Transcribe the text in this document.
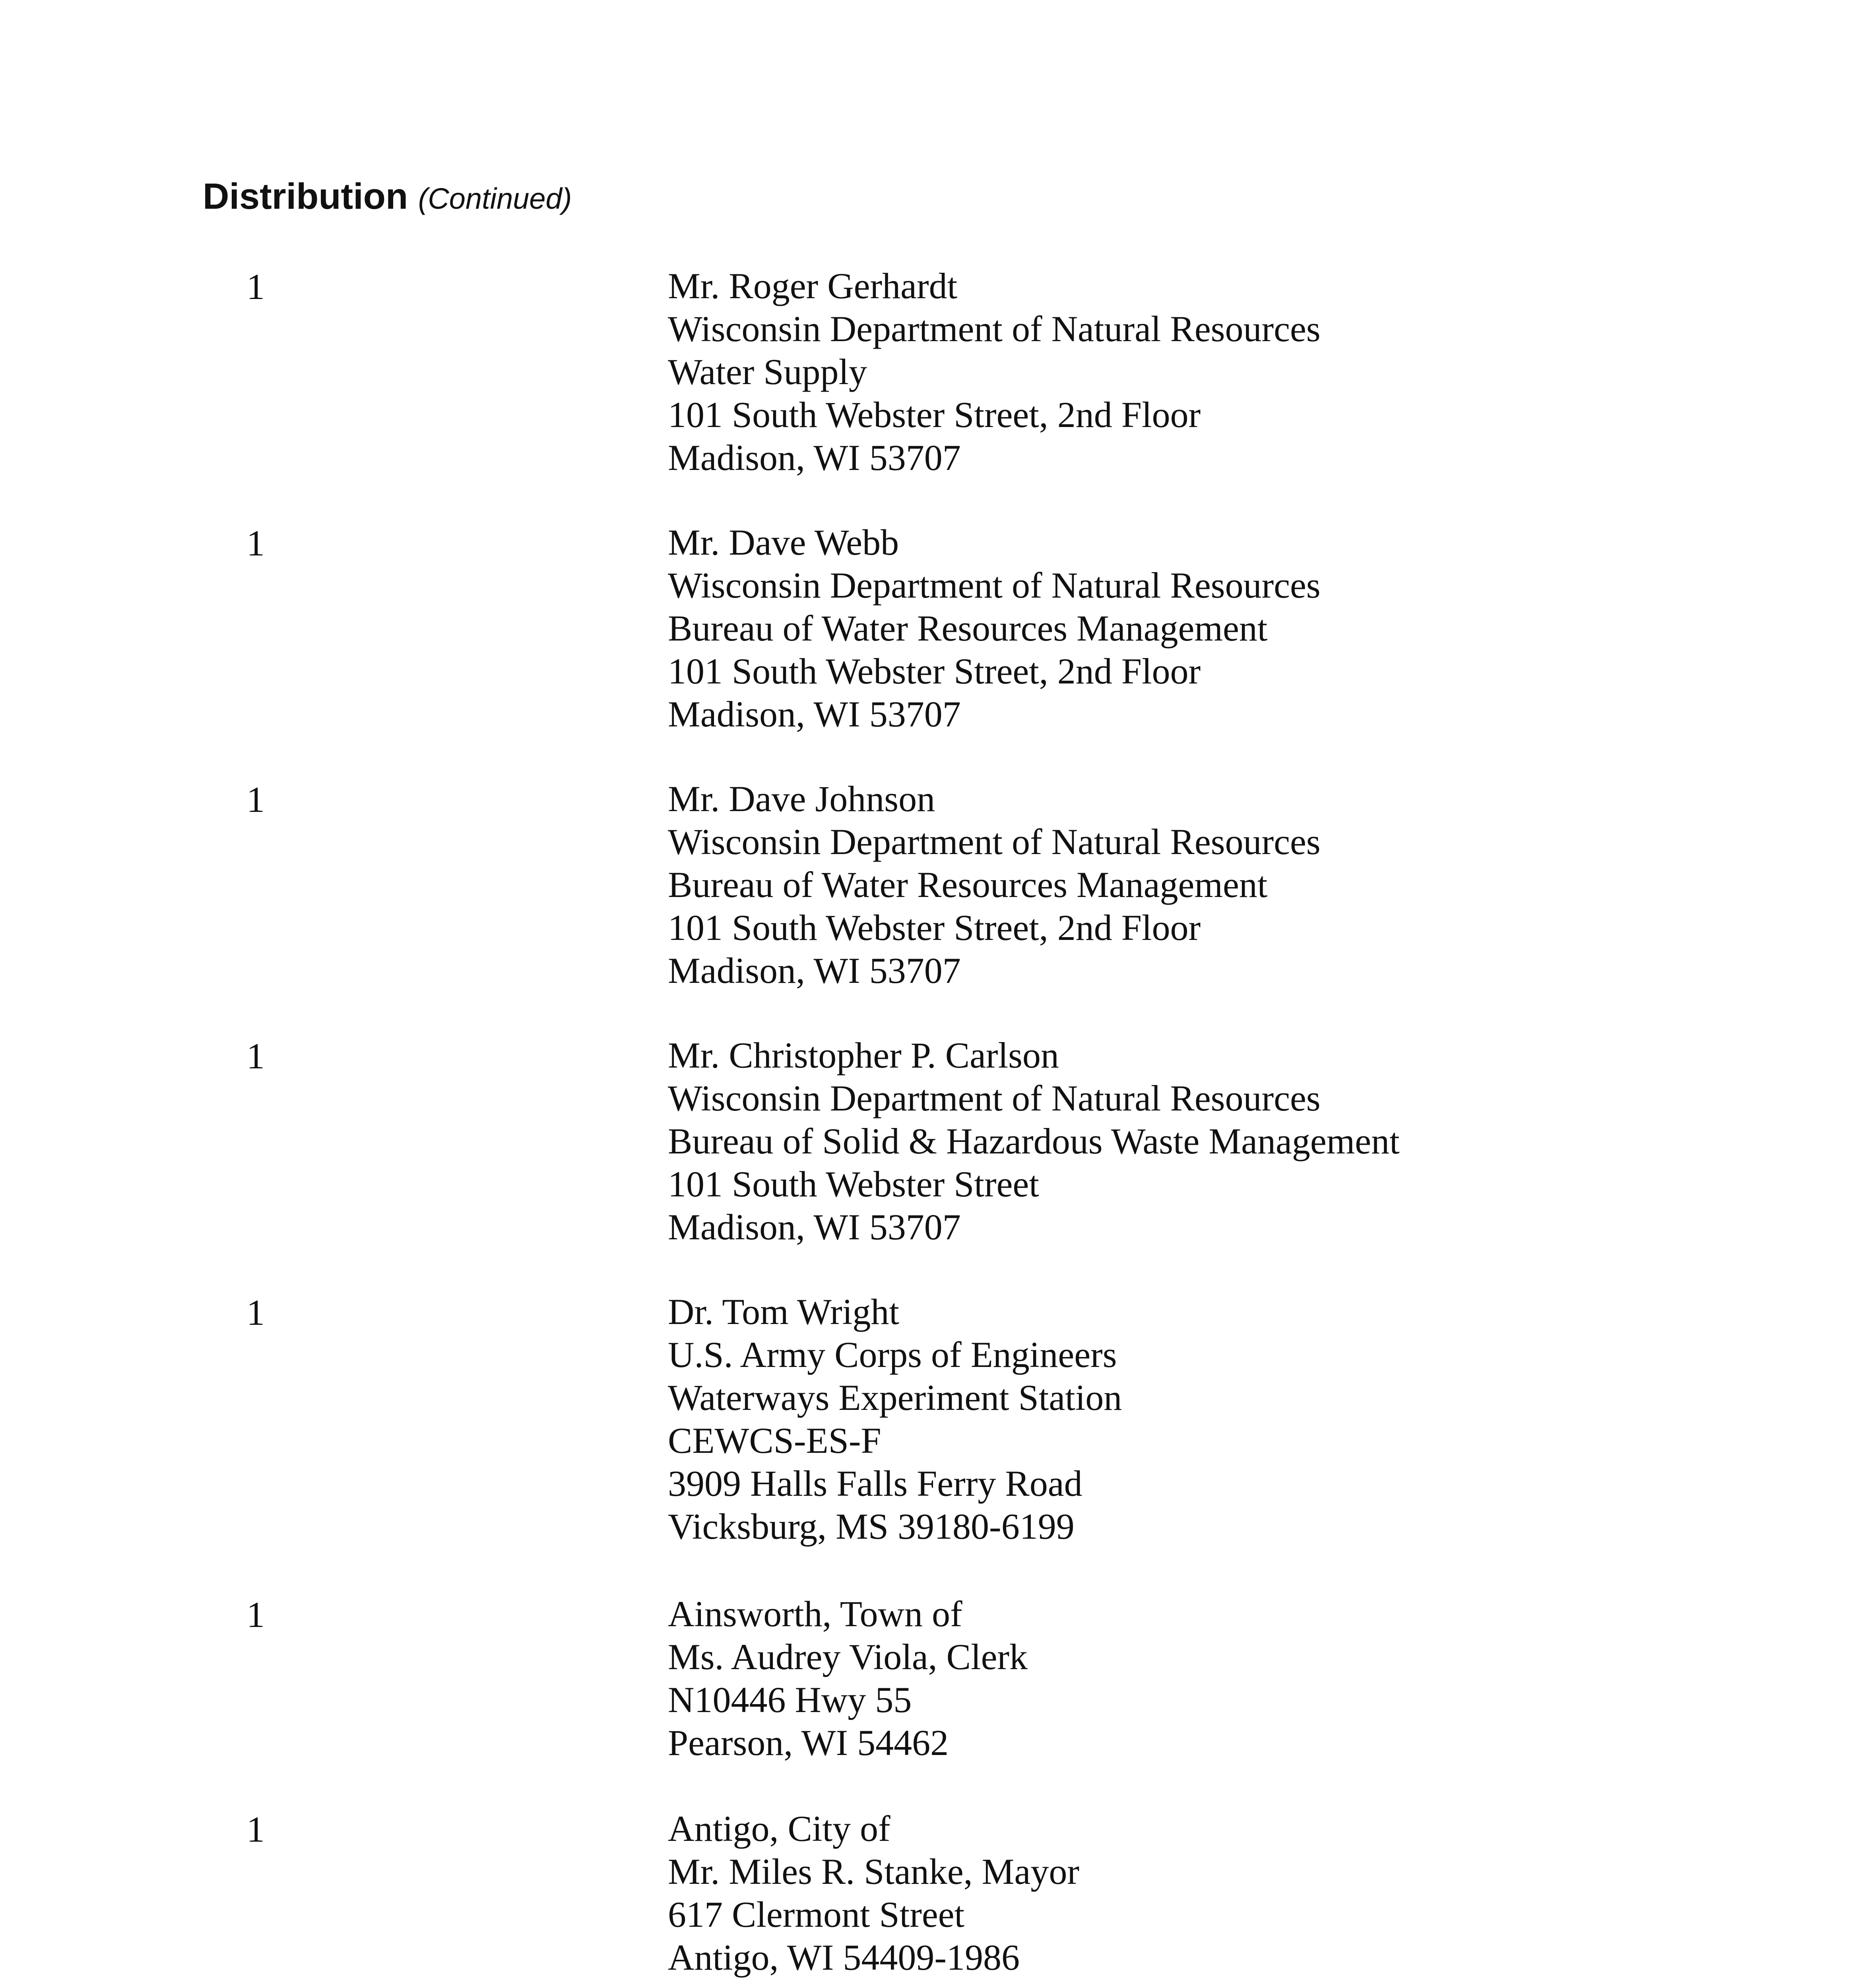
Distribution (Continued)
1	Mr. Roger Gerhardt
Wisconsin Department of Natural Resources
Water Supply
101 South Webster Street, 2nd Floor
Madison, WI 53707
1	Mr. Dave Webb
Wisconsin Department of Natural Resources
Bureau of Water Resources Management
101 South Webster Street, 2nd Floor
Madison, WI 53707
1	Mr. Dave Johnson
Wisconsin Department of Natural Resources
Bureau of Water Resources Management
101 South Webster Street, 2nd Floor
Madison, WI 53707
1	Mr. Christopher P. Carlson
Wisconsin Department of Natural Resources
Bureau of Solid & Hazardous Waste Management
101 South Webster Street
Madison, WI 53707
1	Dr. Tom Wright
U.S. Army Corps of Engineers
Waterways Experiment Station
CEWCS-ES-F
3909 Halls Falls Ferry Road
Vicksburg, MS 39180-6199
1	Ainsworth, Town of
Ms. Audrey Viola, Clerk
N10446 Hwy 55
Pearson, WI 54462
1	Antigo, City of
Mr. Miles R. Stanke, Mayor
617 Clermont Street
Antigo, WI 54409-1986
